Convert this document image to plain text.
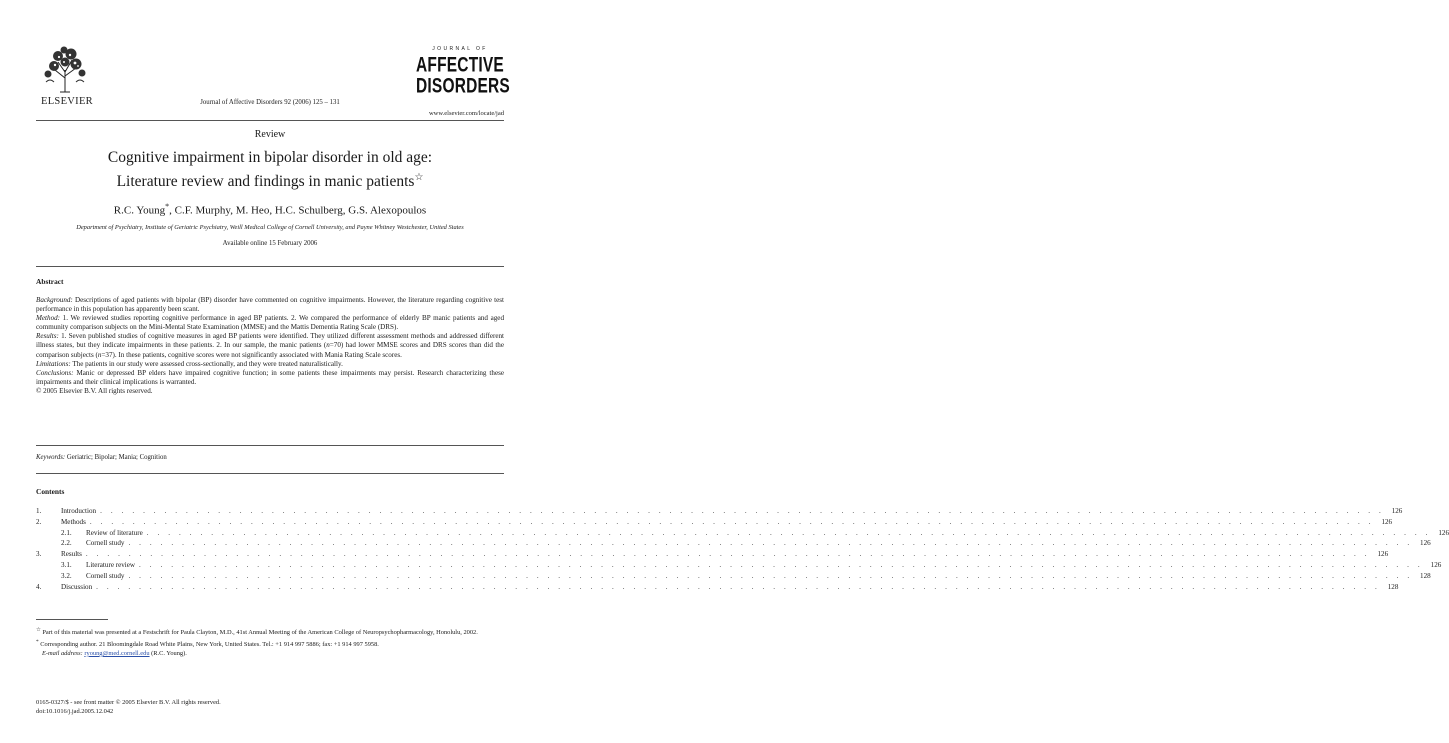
ELSEVIER	Journal of Affective Disorders 92 (2006) 125 – 131
JOURNAL OF
AFFECTIVE
DISORDERS
www.elsevier.com/locate/jad
Review
Cognitive impairment in bipolar disorder in old age:
Literature review and findings in manic patients☆
R.C. Young*, C.F. Murphy, M. Heo, H.C. Schulberg, G.S. Alexopoulos
Department of Psychiatry, Institute of Geriatric Psychiatry, Weill Medical College of Cornell University, and Payne Whitney Westchester, United States
Available online 15 February 2006
Abstract

Background: Descriptions of aged patients with bipolar (BP) disorder have commented on cognitive impairments. However, the literature regarding cognitive test performance in this population has apparently been scant.

Method: 1. We reviewed studies reporting cognitive performance in aged BP patients. 2. We compared the performance of elderly BP manic patients and aged community comparison subjects on the Mini-Mental State Examination (MMSE) and the Mattis Dementia Rating Scale (DRS).

Results: 1. Seven published studies of cognitive measures in aged BP patients were identified. They utilized different assessment methods and addressed different illness states, but they indicate impairments in these patients. 2. In our sample, the manic patients (n=70) had lower MMSE scores and DRS scores than did the comparison subjects (n=37). In these patients, cognitive scores were not significantly associated with Mania Rating Scale scores.

Limitations: The patients in our study were assessed cross-sectionally, and they were treated naturalistically.

Conclusions: Manic or depressed BP elders have impaired cognitive function; in some patients these impairments may persist. Research characterizing these impairments and their clinical implications is warranted.

© 2005 Elsevier B.V. All rights reserved.

Keywords: Geriatric; Bipolar; Mania; Cognition
Contents
1.	Introduction . . . . . . . . . . . . . . . . . . . . . . . . . . . . . . . . . . . . . . . . . . . . . . . . . . . . . . . . . . . . . . . . . . . . . . . . . . . . . . . . . . . . . . . . . . . . . . . . . . . . . . . . . . . . . . . . . . . . . . . .	126
2.	Methods . . . . . . . . . . . . . . . . . . . . . . . . . . . . . . . . . . . . . . . . . . . . . . . . . . . . . . . . . . . . . . . . . . . . . . . . . . . . . . . . . . . . . . . . . . . . . . . . . . . . . . . . . . . . . . . . . . . . . . . .	126
2.1.	Review of literature . . . . . . . . . . . . . . . . . . . . . . . . . . . . . . . . . . . . . . . . . . . . . . . . . . . . . . . . . . . . . . . . . . . . . . . . . . . . . . . . . . . . . . . . . . . . . . . . . . . . . . . . . . . . . . . . . . . . . . . .	126
2.2.	Cornell study . . . . . . . . . . . . . . . . . . . . . . . . . . . . . . . . . . . . . . . . . . . . . . . . . . . . . . . . . . . . . . . . . . . . . . . . . . . . . . . . . . . . . . . . . . . . . . . . . . . . . . . . . . . . . . . . . . . . . . . .	126
3.	Results . . . . . . . . . . . . . . . . . . . . . . . . . . . . . . . . . . . . . . . . . . . . . . . . . . . . . . . . . . . . . . . . . . . . . . . . . . . . . . . . . . . . . . . . . . . . . . . . . . . . . . . . . . . . . . . . . . . . . . . .	126
3.1.	Literature review . . . . . . . . . . . . . . . . . . . . . . . . . . . . . . . . . . . . . . . . . . . . . . . . . . . . . . . . . . . . . . . . . . . . . . . . . . . . . . . . . . . . . . . . . . . . . . . . . . . . . . . . . . . . . . . . . . . . . . . .	126
3.2.	Cornell study . . . . . . . . . . . . . . . . . . . . . . . . . . . . . . . . . . . . . . . . . . . . . . . . . . . . . . . . . . . . . . . . . . . . . . . . . . . . . . . . . . . . . . . . . . . . . . . . . . . . . . . . . . . . . . . . . . . . . . . .	128
4.	Discussion . . . . . . . . . . . . . . . . . . . . . . . . . . . . . . . . . . . . . . . . . . . . . . . . . . . . . . . . . . . . . . . . . . . . . . . . . . . . . . . . . . . . . . . . . . . . . . . . . . . . . . . . . . . . . . . . . . . . . . . .	128

☆ Part of this material was presented at a Festschrift for Paula Clayton, M.D., 41st Annual Meeting of the American College of Neuropsychopharmacology, Honolulu, 2002.

* Corresponding author. 21 Bloomingdale Road White Plains, New York, United States. Tel.: +1 914 997 5886; fax: +1 914 997 5958.

E-mail address: ryoung@med.cornell.edu (R.C. Young).

0165-0327/$ - see front matter © 2005 Elsevier B.V. All rights reserved.
doi:10.1016/j.jad.2005.12.042
